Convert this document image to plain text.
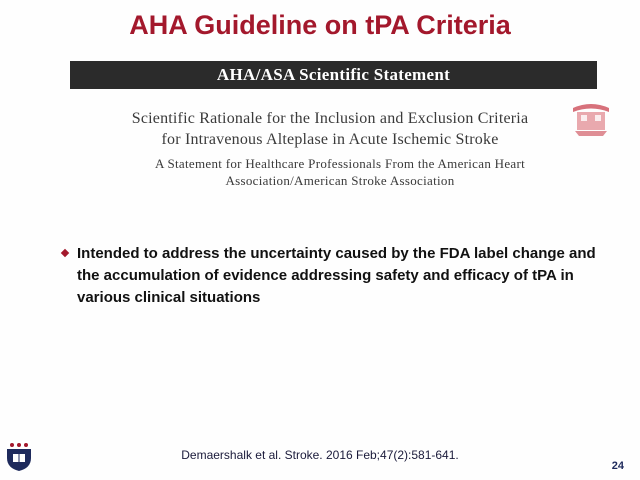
AHA Guideline on tPA Criteria
AHA/ASA Scientific Statement
Scientific Rationale for the Inclusion and Exclusion Criteria
for Intravenous Alteplase in Acute Ischemic Stroke
A Statement for Healthcare Professionals From the American Heart
Association/American Stroke Association
Intended to address the uncertainty caused by the FDA label change and the accumulation of evidence addressing safety and efficacy of tPA in various clinical situations
Demaershalk et al. Stroke. 2016 Feb;47(2):581-641.
24
